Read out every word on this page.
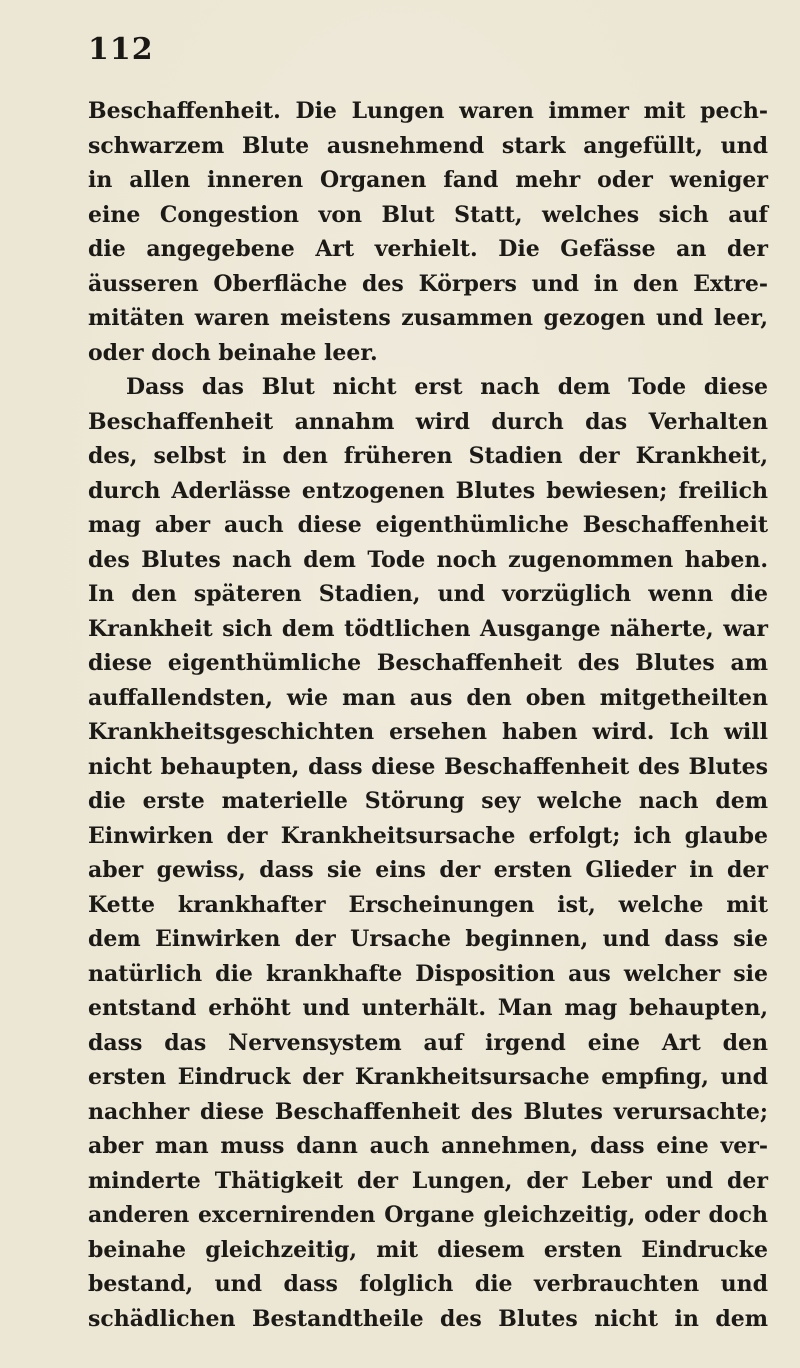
112
Beschaffenheit. Die Lungen waren immer mit pech-
schwarzem Blute ausnehmend stark angefüllt, und
in allen inneren Organen fand mehr oder weniger
eine Congestion von Blut Statt, welches sich auf
die angegebene Art verhielt. Die Gefässe an der
äusseren Oberfläche des Körpers und in den Extre-
mitäten waren meistens zusammen gezogen und leer,
oder doch beinahe leer.
Dass das Blut nicht erst nach dem Tode diese
Beschaffenheit annahm wird durch das Verhalten
des, selbst in den früheren Stadien der Krankheit,
durch Aderlässe entzogenen Blutes bewiesen; freilich
mag aber auch diese eigenthümliche Beschaffenheit
des Blutes nach dem Tode noch zugenommen haben.
In den späteren Stadien, und vorzüglich wenn die
Krankheit sich dem tödtlichen Ausgange näherte, war
diese eigenthümliche Beschaffenheit des Blutes am
auffallendsten, wie man aus den oben mitgetheilten
Krankheitsgeschichten ersehen haben wird. Ich will
nicht behaupten, dass diese Beschaffenheit des Blutes
die erste materielle Störung sey welche nach dem
Einwirken der Krankheitsursache erfolgt; ich glaube
aber gewiss, dass sie eins der ersten Glieder in der
Kette krankhafter Erscheinungen ist, welche mit
dem Einwirken der Ursache beginnen, und dass sie
natürlich die krankhafte Disposition aus welcher sie
entstand erhöht und unterhält. Man mag behaupten,
dass das Nervensystem auf irgend eine Art den
ersten Eindruck der Krankheitsursache empfing, und
nachher diese Beschaffenheit des Blutes verursachte;
aber man muss dann auch annehmen, dass eine ver-
minderte Thätigkeit der Lungen, der Leber und der
anderen excernirenden Organe gleichzeitig, oder doch
beinahe gleichzeitig, mit diesem ersten Eindrucke
bestand, und dass folglich die verbrauchten und
schädlichen Bestandtheile des Blutes nicht in dem
